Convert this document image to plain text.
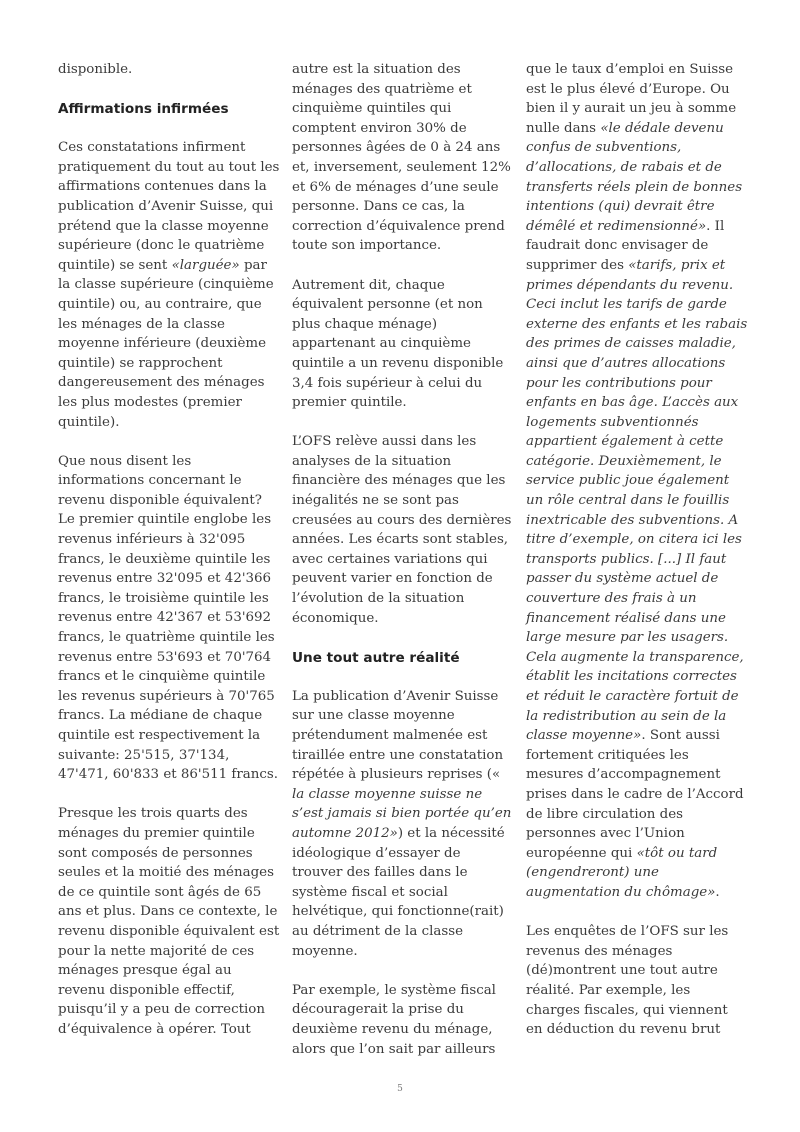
disponible.

Affirmations infirmées

Ces constatations infirment pratiquement du tout au tout les affirmations contenues dans la publication d’Avenir Suisse, qui prétend que la classe moyenne supérieure (donc le quatrième quintile) se sent «larguée» par la classe supérieure (cinquième quintile) ou, au contraire, que les ménages de la classe moyenne inférieure (deuxième quintile) se rapprochent dangereusement des ménages les plus modestes (premier quintile).

Que nous disent les informations concernant le revenu disponible équivalent? Le premier quintile englobe les revenus inférieurs à 32'095 francs, le deuxième quintile les revenus entre 32'095 et 42'366 francs, le troisième quintile les revenus entre 42'367 et 53'692 francs, le quatrième quintile les revenus entre 53'693 et 70'764 francs et le cinquième quintile les revenus supérieurs à 70'765 francs. La médiane de chaque quintile est respectivement la suivante: 25'515, 37'134, 47'471, 60'833 et 86'511 francs.

Presque les trois quarts des ménages du premier quintile sont composés de personnes seules et la moitié des ménages de ce quintile sont âgés de 65 ans et plus. Dans ce contexte, le revenu disponible équivalent est pour la nette majorité de ces ménages presque égal au revenu disponible effectif, puisqu’il y a peu de correction d’équivalence à opérer. Tout

autre est la situation des ménages des quatrième et cinquième quintiles qui comptent environ 30% de personnes âgées de 0 à 24 ans et, inversement, seulement 12% et 6% de ménages d’une seule personne. Dans ce cas, la correction d’équivalence prend toute son importance.

Autrement dit, chaque équivalent personne (et non plus chaque ménage) appartenant au cinquième quintile a un revenu disponible 3,4 fois supérieur à celui du premier quintile.

L’OFS relève aussi dans les analyses de la situation financière des ménages que les inégalités ne se sont pas creusées au cours des dernières années. Les écarts sont stables, avec certaines variations qui peuvent varier en fonction de l’évolution de la situation économique.

Une tout autre réalité

La publication d’Avenir Suisse sur une classe moyenne prétendument malmenée est tiraillée entre une constatation répétée à plusieurs reprises (« la classe moyenne suisse ne s’est jamais si bien portée qu’en automne 2012») et la nécessité idéologique d’essayer de trouver des failles dans le système fiscal et social helvétique, qui fonctionne(rait) au détriment de la classe moyenne.

Par exemple, le système fiscal découragerait la prise du deuxième revenu du ménage, alors que l’on sait par ailleurs

que le taux d’emploi en Suisse est le plus élevé d’Europe. Ou bien il y aurait un jeu à somme nulle dans «le dédale devenu confus de subventions, d’allocations, de rabais et de transferts réels plein de bonnes intentions (qui) devrait être démêlé et redimensionné». Il faudrait donc envisager de supprimer des «tarifs, prix et primes dépendants du revenu. Ceci inclut les tarifs de garde externe des enfants et les rabais des primes de caisses maladie, ainsi que d’autres allocations pour les contributions pour enfants en bas âge. L’accès aux logements subventionnés appartient également à cette catégorie. Deuxièmement, le service public joue également un rôle central dans le fouillis inextricable des subventions. A titre d’exemple, on citera ici les transports publics. [...] Il faut passer du système actuel de couverture des frais à un financement réalisé dans une large mesure par les usagers. Cela augmente la transparence, établit les incitations correctes et réduit le caractère fortuit de la redistribution au sein de la classe moyenne». Sont aussi fortement critiquées les mesures d’accompagnement prises dans le cadre de l’Accord de libre circulation des personnes avec l’Union européenne qui «tôt ou tard (engendreront) une augmentation du chômage».

Les enquêtes de l’OFS sur les revenus des ménages (dé)montrent une tout autre réalité. Par exemple, les charges fiscales, qui viennent en déduction du revenu brut

5
